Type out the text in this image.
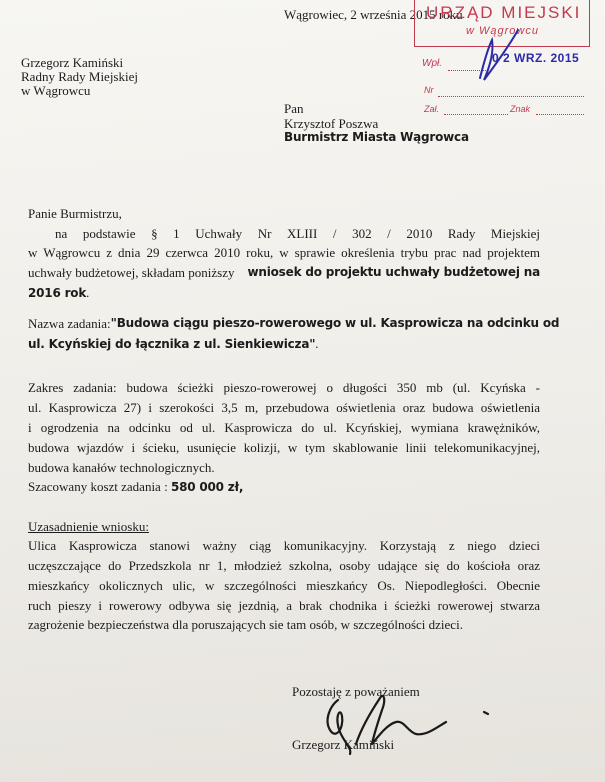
Wągrowiec, 2 września 2015 roku
URZĄD MIEJSKI
w Wągrowcu
Wpł.	0 2 WRZ. 2015
Nr
Zał.	Znak
Grzegorz Kamiński
Radny Rady Miejskiej
w Wągrowcu
Pan
Krzysztof Poszwa
Burmistrz Miasta Wągrowca
Panie Burmistrzu,
na podstawie § 1 Uchwały Nr XLIII / 302 / 2010 Rady Miejskiej
w Wągrowcu z dnia 29 czerwca 2010 roku, w sprawie określenia trybu prac nad projektem
uchwały budżetowej, składam poniższy wniosek do projektu uchwały budżetowej na
2016 rok.
Nazwa zadania: "Budowa ciągu pieszo-rowerowego w ul. Kasprowicza na odcinku od
ul. Kcyńskiej do łącznika z ul. Sienkiewicza".
Zakres zadania: budowa ścieżki pieszo-rowerowej o długości 350 mb (ul. Kcyńska -
ul. Kasprowicza 27) i szerokości 3,5 m, przebudowa oświetlenia oraz budowa oświetlenia
i ogrodzenia na odcinku od ul. Kasprowicza do ul. Kcyńskiej, wymiana krawężników,
budowa wjazdów i ścieku, usunięcie kolizji, w tym skablowanie linii telekomunikacyjnej,
budowa kanałów technologicznych.
Szacowany koszt zadania : 580 000 zł,
Uzasadnienie wniosku:
Ulica Kasprowicza stanowi ważny ciąg komunikacyjny. Korzystają z niego dzieci
uczęszczające do Przedszkola nr 1, młodzież szkolna, osoby udające się do kościoła oraz
mieszkańcy okolicznych ulic, w szczególności mieszkańcy Os. Niepodległości. Obecnie
ruch pieszy i rowerowy odbywa się jezdnią, a brak chodnika i ścieżki rowerowej stwarza
zagrożenie bezpieczeństwa dla poruszających sie tam osób, w szczególności dzieci.
Pozostaję z poważaniem
Grzegorz Kamiński
